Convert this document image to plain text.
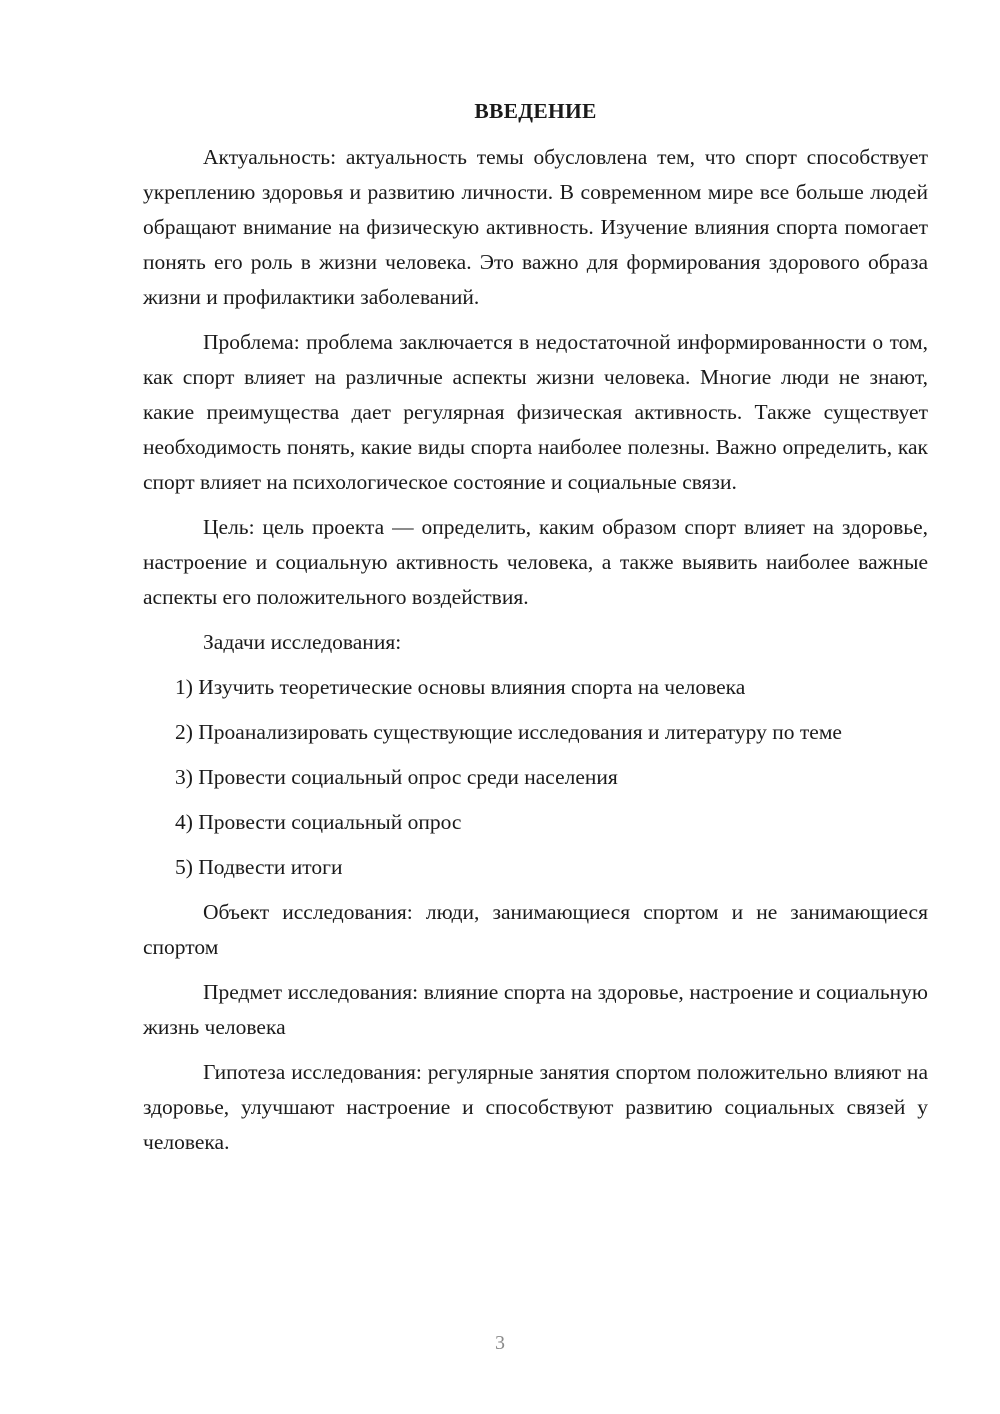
ВВЕДЕНИЕ

Актуальность: актуальность темы обусловлена тем, что спорт способствует укреплению здоровья и развитию личности. В современном мире все больше людей обращают внимание на физическую активность. Изучение влияния спорта помогает понять его роль в жизни человека. Это важно для формирования здорового образа жизни и профилактики заболеваний.

Проблема: проблема заключается в недостаточной информированности о том, как спорт влияет на различные аспекты жизни человека. Многие люди не знают, какие преимущества дает регулярная физическая активность. Также существует необходимость понять, какие виды спорта наиболее полезны. Важно определить, как спорт влияет на психологическое состояние и социальные связи.

Цель: цель проекта — определить, каким образом спорт влияет на здоровье, настроение и социальную активность человека, а также выявить наиболее важные аспекты его положительного воздействия.

Задачи исследования:

1) Изучить теоретические основы влияния спорта на человека

2) Проанализировать существующие исследования и литературу по теме

3) Провести социальный опрос среди населения

4) Провести социальный опрос

5) Подвести итоги

Объект исследования: люди, занимающиеся спортом и не занимающиеся спортом

Предмет исследования: влияние спорта на здоровье, настроение и социальную жизнь человека

Гипотеза исследования: регулярные занятия спортом положительно влияют на здоровье, улучшают настроение и способствуют развитию социальных связей у человека.

3
